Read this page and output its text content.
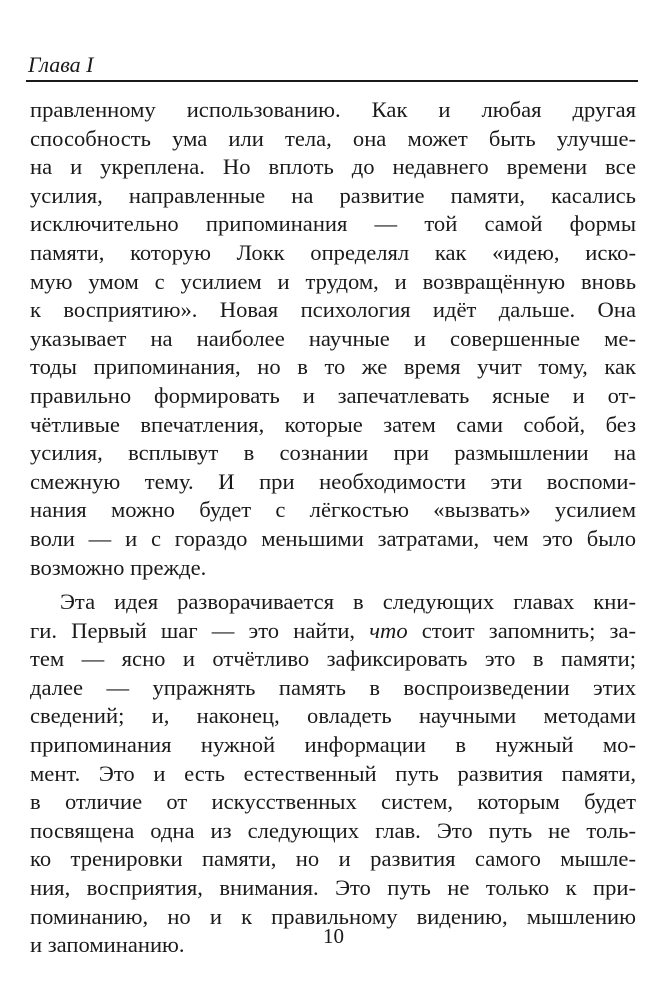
Глава I
правленному использованию. Как и любая другая
способность ума или тела, она может быть улучше-
на и укреплена. Но вплоть до недавнего времени все
усилия, направленные на развитие памяти, касались
исключительно припоминания — той самой формы
памяти, которую Локк определял как «идею, иско-
мую умом с усилием и трудом, и возвращённую вновь
к восприятию». Новая психология идёт дальше. Она
указывает на наиболее научные и совершенные ме-
тоды припоминания, но в то же время учит тому, как
правильно формировать и запечатлевать ясные и от-
чётливые впечатления, которые затем сами собой, без
усилия, всплывут в сознании при размышлении на
смежную тему. И при необходимости эти воспоми-
нания можно будет с лёгкостью «вызвать» усилием
воли — и с гораздо меньшими затратами, чем это было
возможно прежде.
Эта идея разворачивается в следующих главах кни-
ги. Первый шаг — это найти, что стоит запомнить; за-
тем — ясно и отчётливо зафиксировать это в памяти;
далее — упражнять память в воспроизведении этих
сведений; и, наконец, овладеть научными методами
припоминания нужной информации в нужный мо-
мент. Это и есть естественный путь развития памяти,
в отличие от искусственных систем, которым будет
посвящена одна из следующих глав. Это путь не толь-
ко тренировки памяти, но и развития самого мышле-
ния, восприятия, внимания. Это путь не только к при-
поминанию, но и к правильному видению, мышлению
и запоминанию.	10
